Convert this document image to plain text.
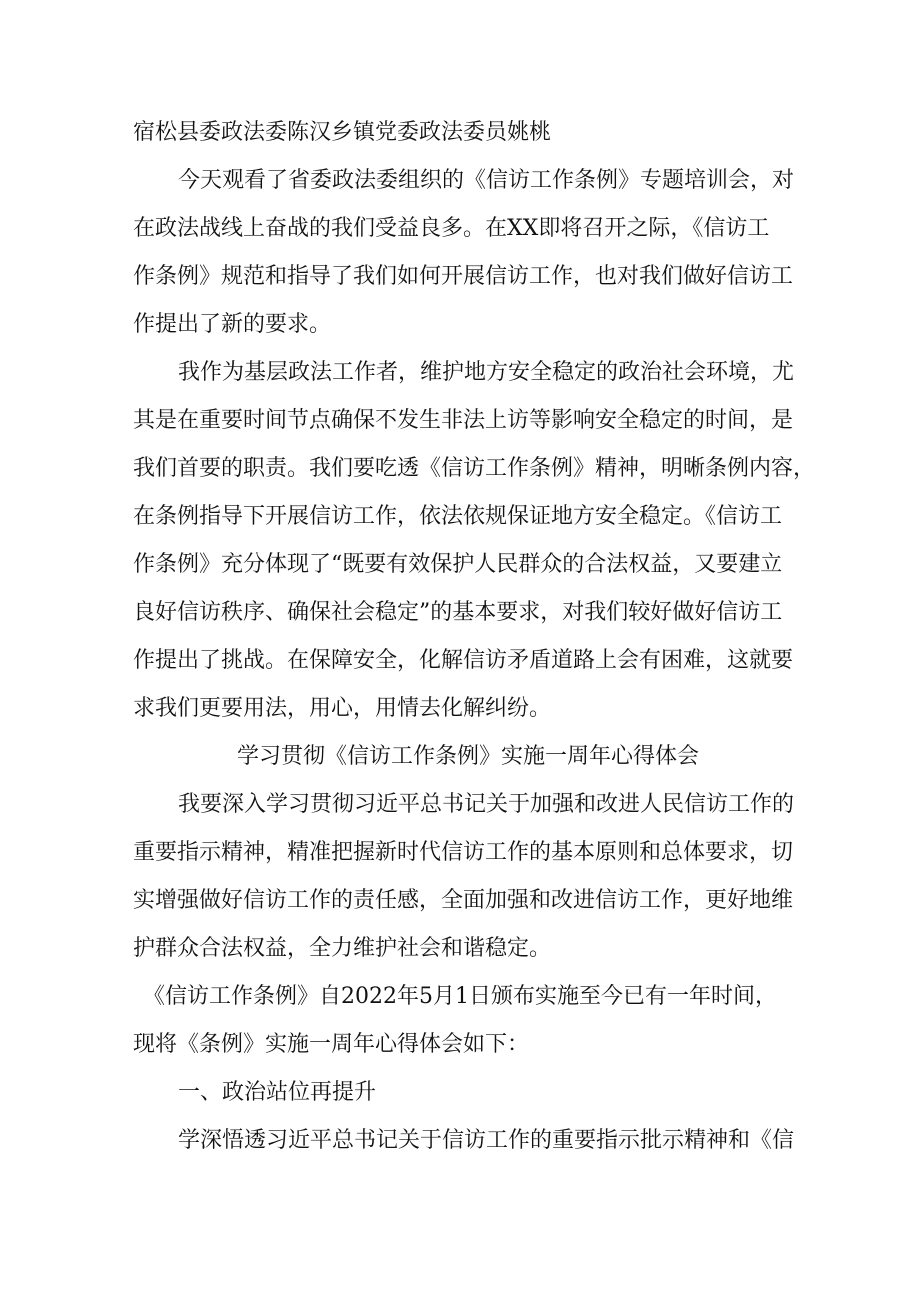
宿松县委政法委陈汉乡镇党委政法委员姚桃
今天观看了省委政法委组织的《信访工作条例》专题培训会，对
在政法战线上奋战的我们受益良多。在XX即将召开之际，《信访工
作条例》规范和指导了我们如何开展信访工作，也对我们做好信访工
作提出了新的要求。
我作为基层政法工作者，维护地方安全稳定的政治社会环境，尤
其是在重要时间节点确保不发生非法上访等影响安全稳定的时间，是
我们首要的职责。我们要吃透《信访工作条例》精神，明晰条例内容，
在条例指导下开展信访工作，依法依规保证地方安全稳定。《信访工
作条例》充分体现了“既要有效保护人民群众的合法权益，又要建立
良好信访秩序、确保社会稳定”的基本要求，对我们较好做好信访工
作提出了挑战。在保障安全，化解信访矛盾道路上会有困难，这就要
求我们更要用法，用心，用情去化解纠纷。
学习贯彻《信访工作条例》实施一周年心得体会
我要深入学习贯彻习近平总书记关于加强和改进人民信访工作的
重要指示精神，精准把握新时代信访工作的基本原则和总体要求，切
实增强做好信访工作的责任感，全面加强和改进信访工作，更好地维
护群众合法权益，全力维护社会和谐稳定。
《信访工作条例》自2022年5月1日颁布实施至今已有一年时间，
现将《条例》实施一周年心得体会如下：
一、政治站位再提升
学深悟透习近平总书记关于信访工作的重要指示批示精神和《信
